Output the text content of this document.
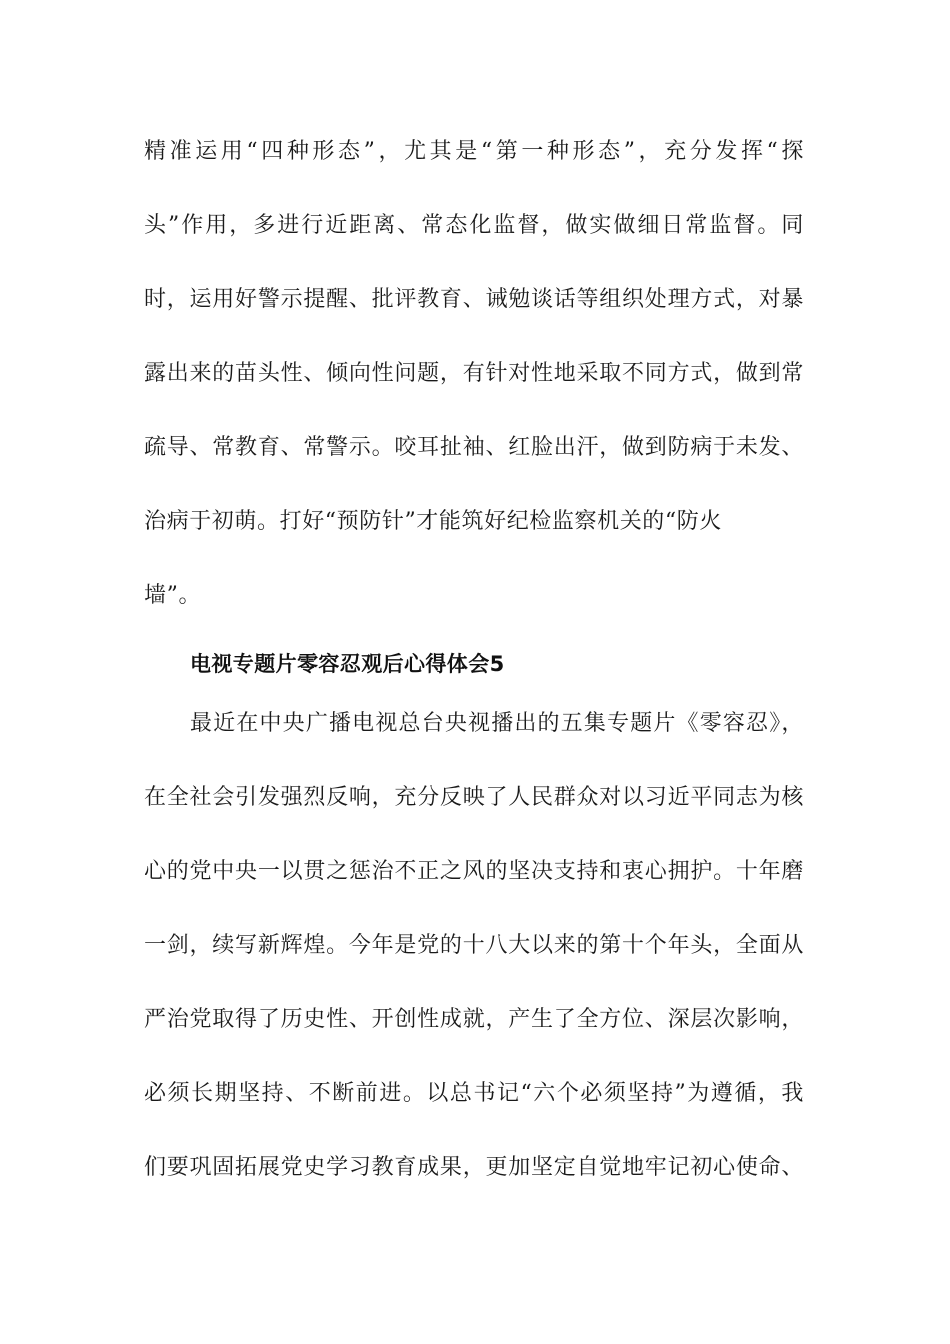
精准运用“四种形态”，尤其是“第一种形态”，充分发挥“探
头”作用，多进行近距离、常态化监督，做实做细日常监督。同
时，运用好警示提醒、批评教育、诫勉谈话等组织处理方式，对暴
露出来的苗头性、倾向性问题，有针对性地采取不同方式，做到常
疏导、常教育、常警示。咬耳扯袖、红脸出汗，做到防病于未发、
治病于初萌。打好“预防针”才能筑好纪检监察机关的“防火
墙”。
电视专题片零容忍观后心得体会5
最近在中央广播电视总台央视播出的五集专题片《零容忍》，
在全社会引发强烈反响，充分反映了人民群众对以习近平同志为核
心的党中央一以贯之惩治不正之风的坚决支持和衷心拥护。十年磨
一剑，续写新辉煌。今年是党的十八大以来的第十个年头，全面从
严治党取得了历史性、开创性成就，产生了全方位、深层次影响，
必须长期坚持、不断前进。以总书记“六个必须坚持”为遵循，我
们要巩固拓展党史学习教育成果，更加坚定自觉地牢记初心使命、
